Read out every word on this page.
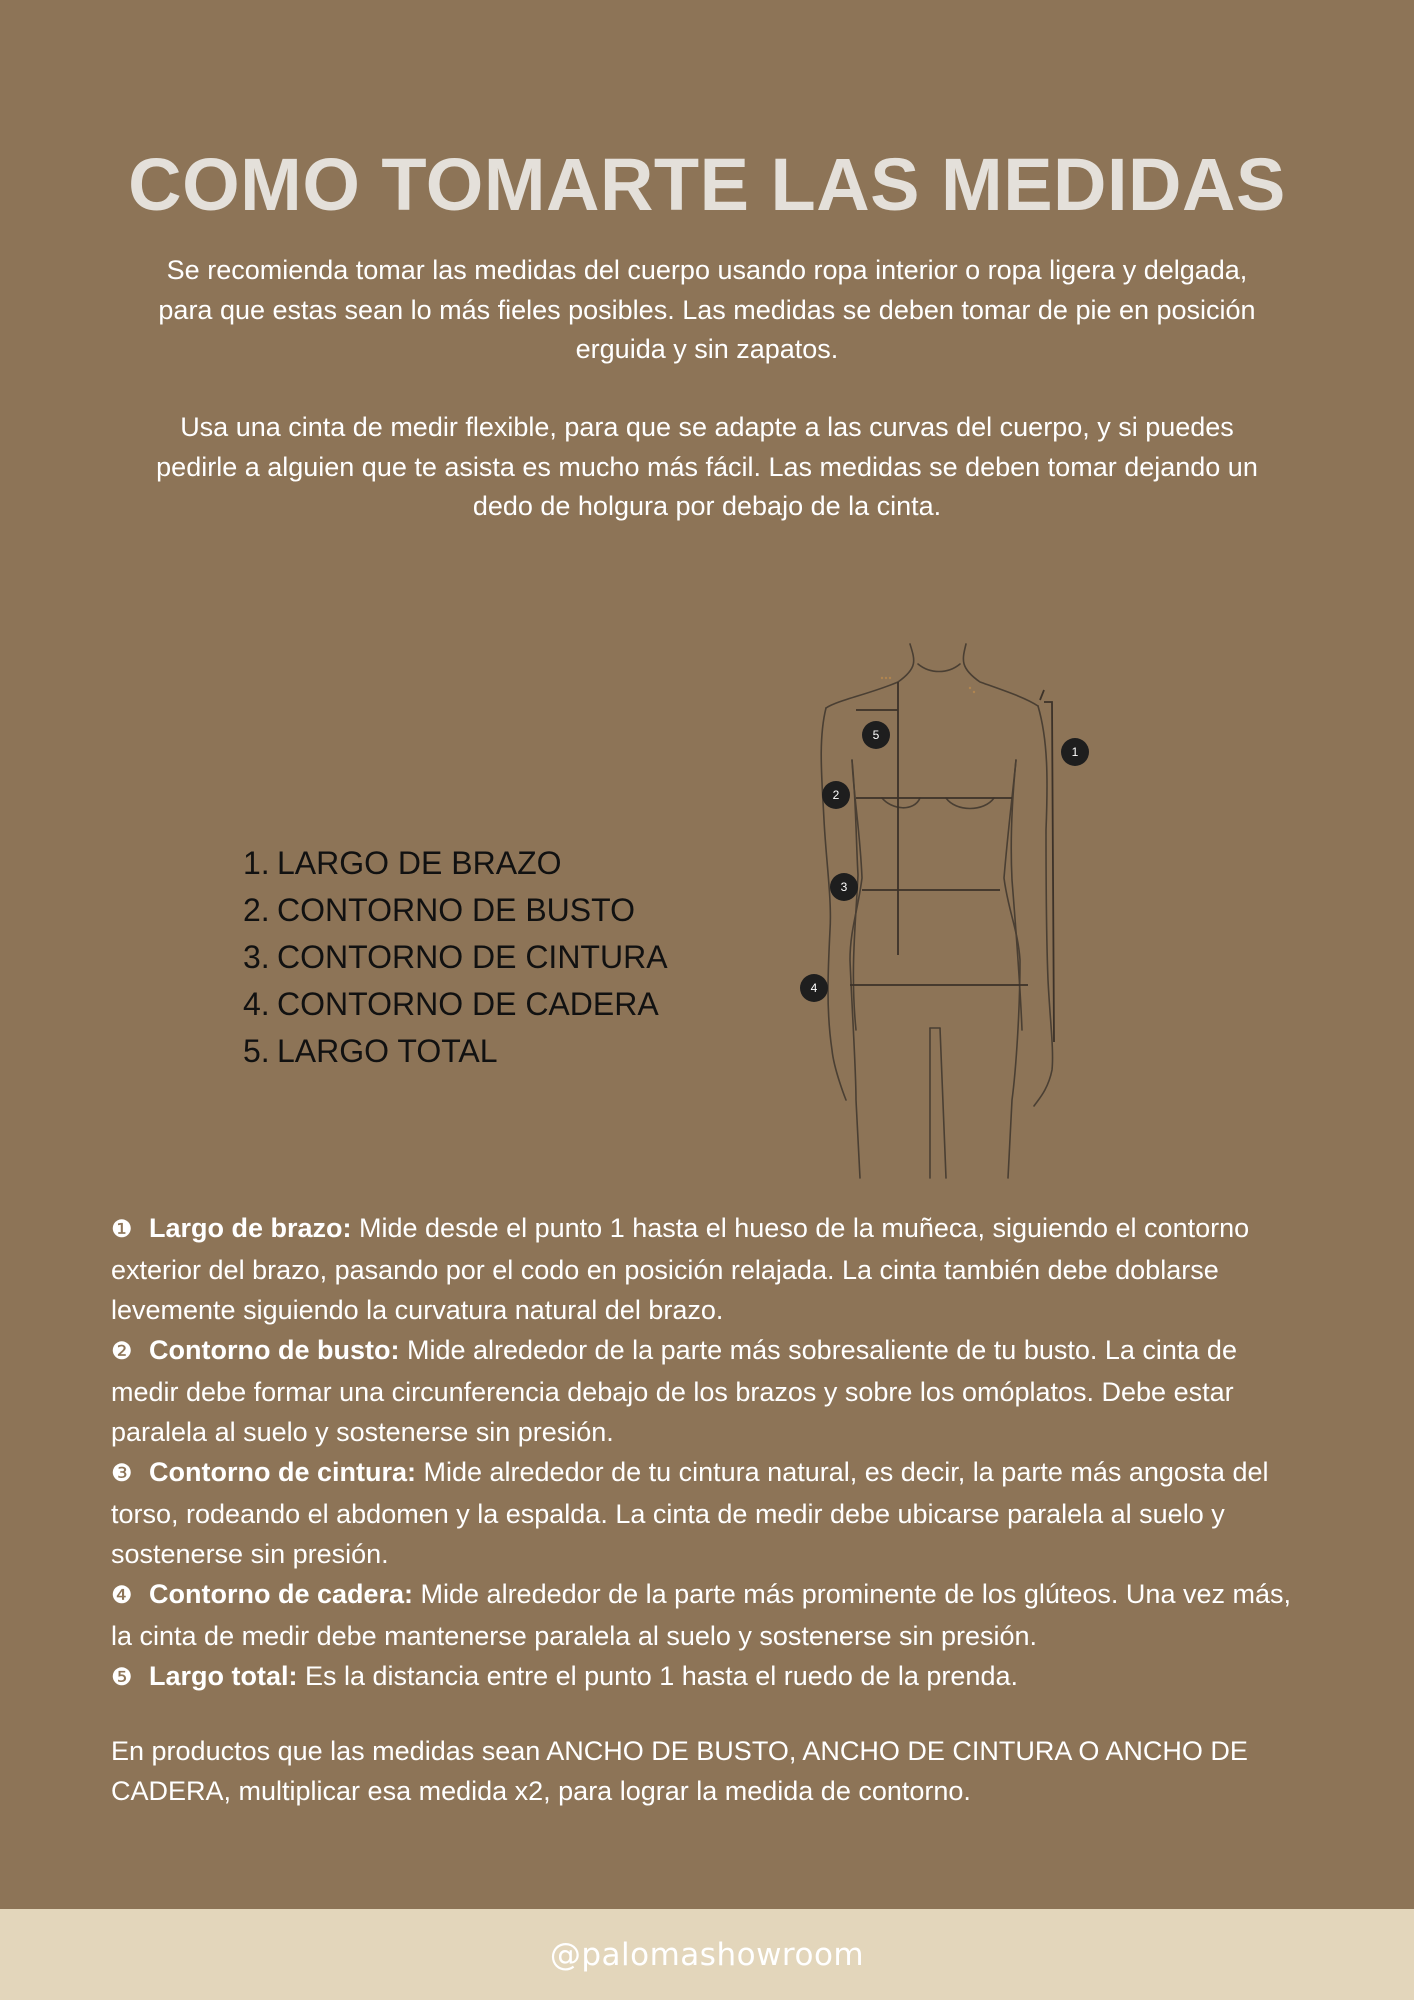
COMO TOMARTE LAS MEDIDAS

Se recomienda tomar las medidas del cuerpo usando ropa interior o ropa ligera y delgada, para que estas sean lo más fieles posibles. Las medidas se deben tomar de pie en posición erguida y sin zapatos.

Usa una cinta de medir flexible, para que se adapte a las curvas del cuerpo, y si puedes pedirle a alguien que te asista es mucho más fácil. Las medidas se deben tomar dejando un dedo de holgura por debajo de la cinta.

1. LARGO DE BRAZO
2. CONTORNO DE BUSTO
3. CONTORNO DE CINTURA
4. CONTORNO DE CADERA
5. LARGO TOTAL
1
2
3
4
5

❶ Largo de brazo: Mide desde el punto 1 hasta el hueso de la muñeca, siguiendo el contorno exterior del brazo, pasando por el codo en posición relajada. La cinta también debe doblarse levemente siguiendo la curvatura natural del brazo.

❷ Contorno de busto: Mide alrededor de la parte más sobresaliente de tu busto. La cinta de medir debe formar una circunferencia debajo de los brazos y sobre los omóplatos. Debe estar paralela al suelo y sostenerse sin presión.

❸ Contorno de cintura: Mide alrededor de tu cintura natural, es decir, la parte más angosta del torso, rodeando el abdomen y la espalda. La cinta de medir debe ubicarse paralela al suelo y sostenerse sin presión.

❹ Contorno de cadera: Mide alrededor de la parte más prominente de los glúteos. Una vez más, la cinta de medir debe mantenerse paralela al suelo y sostenerse sin presión.

❺ Largo total: Es la distancia entre el punto 1 hasta el ruedo de la prenda.

En productos que las medidas sean ANCHO DE BUSTO, ANCHO DE CINTURA O ANCHO DE CADERA, multiplicar esa medida x2, para lograr la medida de contorno.

@palomashowroom
